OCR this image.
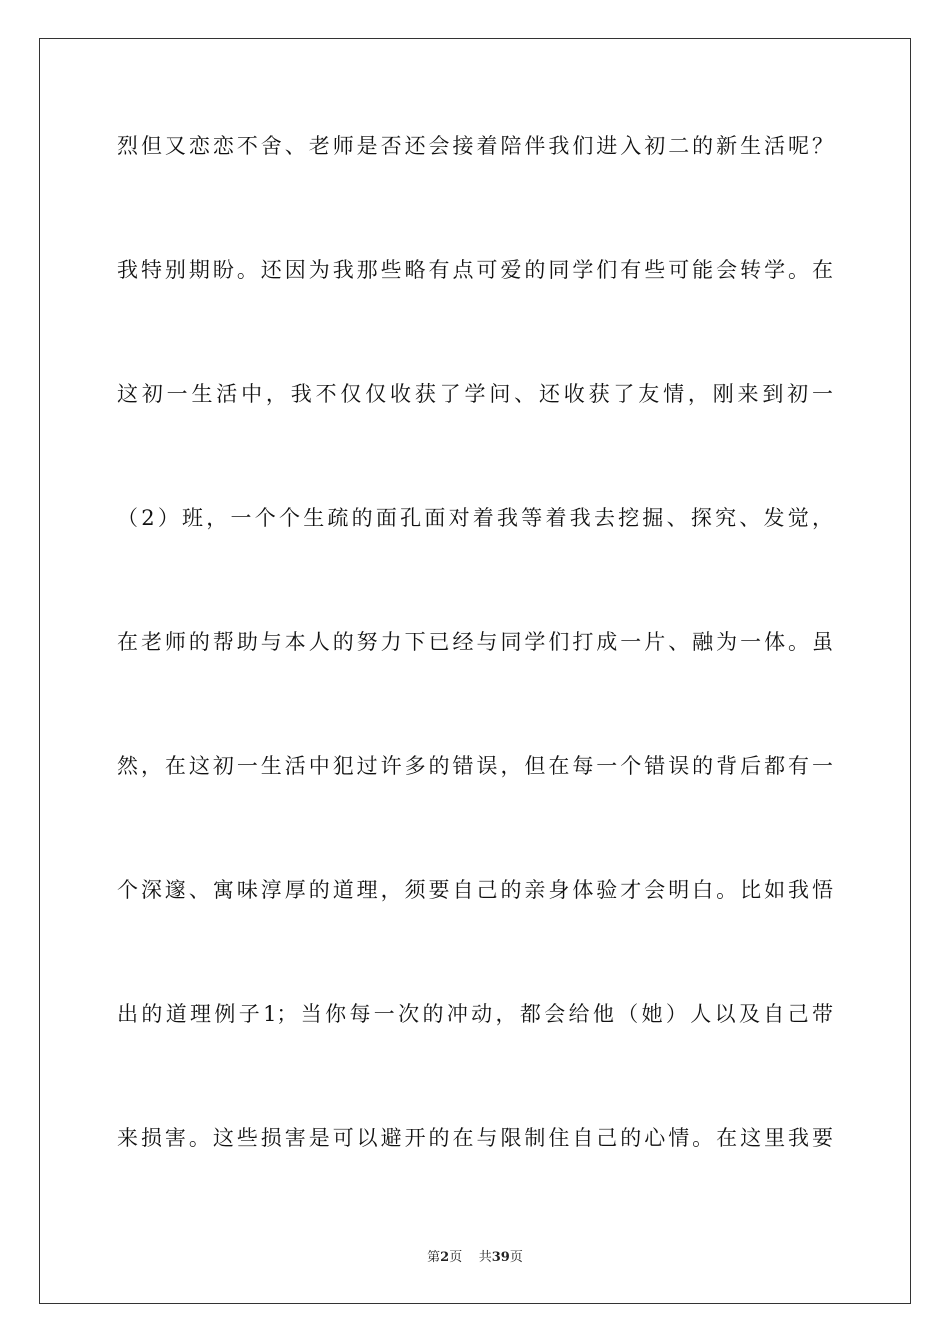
烈但又恋恋不舍、老师是否还会接着陪伴我们进入初二的新生活呢？
我特别期盼。还因为我那些略有点可爱的同学们有些可能会转学。在
这初一生活中，我不仅仅收获了学问、还收获了友情，刚来到初一
（2）班，一个个生疏的面孔面对着我等着我去挖掘、探究、发觉，
在老师的帮助与本人的努力下已经与同学们打成一片、融为一体。虽
然，在这初一生活中犯过许多的错误，但在每一个错误的背后都有一
个深邃、寓味淳厚的道理，须要自己的亲身体验才会明白。比如我悟
出的道理例子1；当你每一次的冲动，都会给他（她）人以及自己带
来损害。这些损害是可以避开的在与限制住自己的心情。在这里我要
第2页 共39页
